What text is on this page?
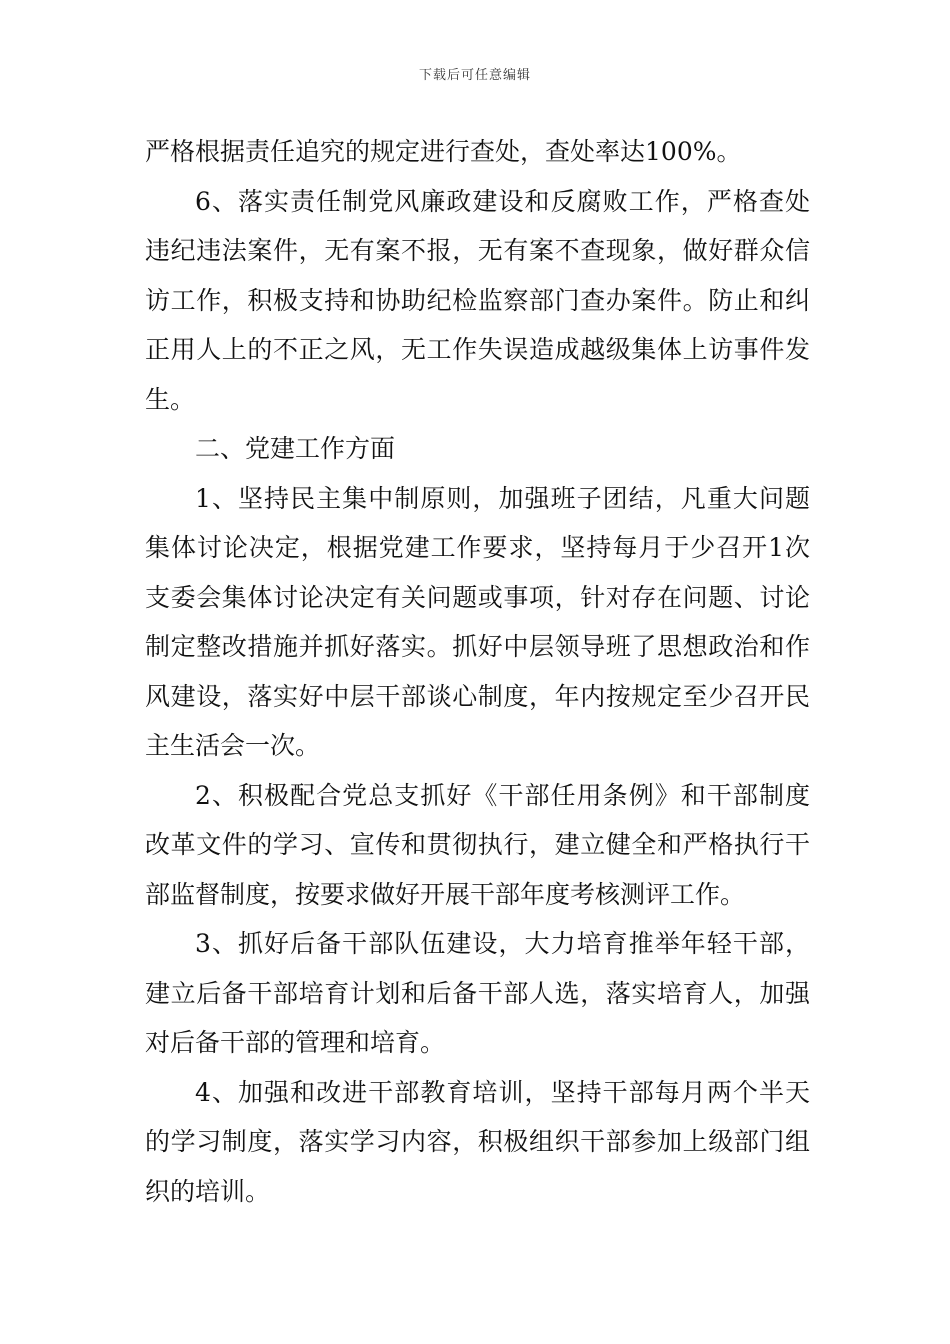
下载后可任意编辑

严格根据责任追究的规定进行查处，查处率达100%。

6、落实责任制党风廉政建设和反腐败工作，严格查处违纪违法案件，无有案不报，无有案不查现象，做好群众信访工作，积极支持和协助纪检监察部门查办案件。防止和纠正用人上的不正之风，无工作失误造成越级集体上访事件发生。

二、党建工作方面

1、坚持民主集中制原则，加强班子团结，凡重大问题集体讨论决定，根据党建工作要求，坚持每月于少召开1次支委会集体讨论决定有关问题或事项，针对存在问题、讨论制定整改措施并抓好落实。抓好中层领导班了思想政治和作风建设，落实好中层干部谈心制度，年内按规定至少召开民主生活会一次。

2、积极配合党总支抓好《干部任用条例》和干部制度改革文件的学习、宣传和贯彻执行，建立健全和严格执行干部监督制度，按要求做好开展干部年度考核测评工作。

3、抓好后备干部队伍建设，大力培育推举年轻干部，建立后备干部培育计划和后备干部人选，落实培育人，加强对后备干部的管理和培育。

4、加强和改进干部教育培训，坚持干部每月两个半天的学习制度，落实学习内容，积极组织干部参加上级部门组织的培训。
